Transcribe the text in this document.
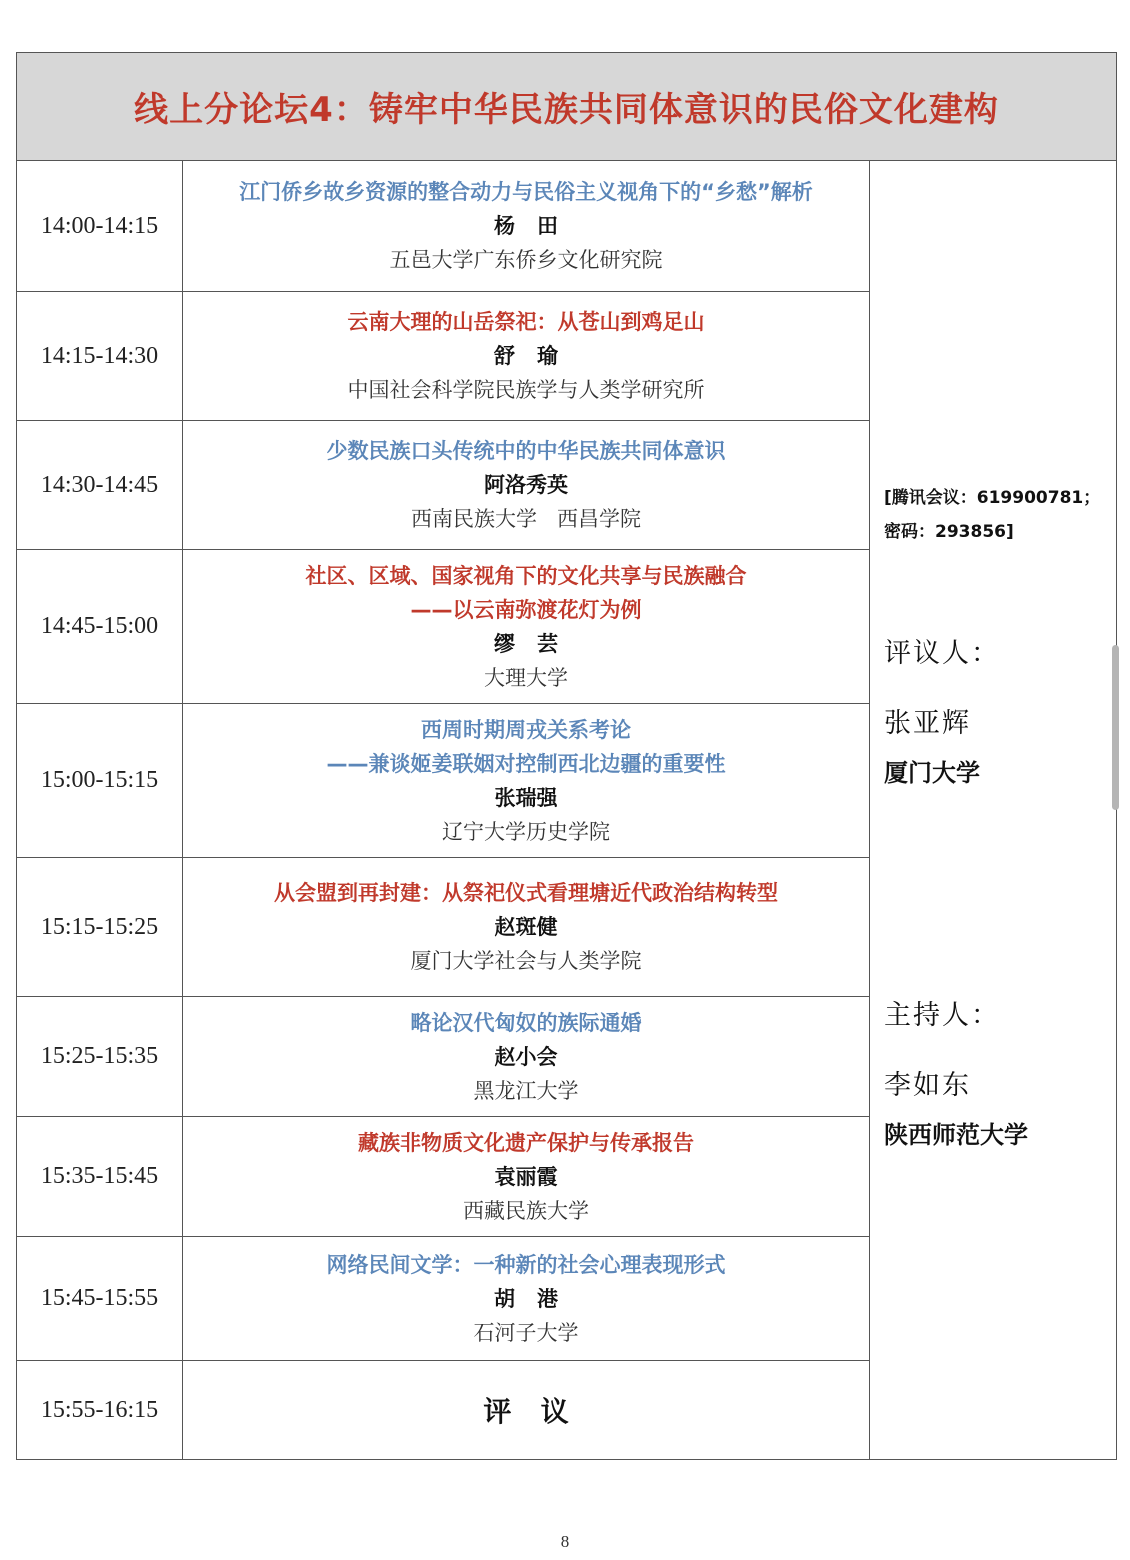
线上分论坛4：铸牢中华民族共同体意识的民俗文化建构
14:00-14:15
江门侨乡故乡资源的整合动力与民俗主义视角下的“乡愁”解析
杨   田
五邑大学广东侨乡文化研究院
14:15-14:30
云南大理的山岳祭祀：从苍山到鸡足山
舒   瑜
中国社会科学院民族学与人类学研究所
14:30-14:45
少数民族口头传统中的中华民族共同体意识
阿洛秀英
西南民族大学   西昌学院
14:45-15:00
社区、区域、国家视角下的文化共享与民族融合
——以云南弥渡花灯为例
缪   芸
大理大学
15:00-15:15
西周时期周戎关系考论
——兼谈姬姜联姻对控制西北边疆的重要性
张瑞强
辽宁大学历史学院
15:15-15:25
从会盟到再封建：从祭祀仪式看理塘近代政治结构转型
赵斑健
厦门大学社会与人类学院
15:25-15:35
略论汉代匈奴的族际通婚
赵小会
黑龙江大学
15:35-15:45
藏族非物质文化遗产保护与传承报告
袁丽霞
西藏民族大学
15:45-15:55
网络民间文学：一种新的社会心理表现形式
胡   港
石河子大学
15:55-16:15	评   议
[腾讯会议：619900781；
密码：293856]
评议人：
张亚辉
厦门大学
主持人：
李如东
陕西师范大学
8
